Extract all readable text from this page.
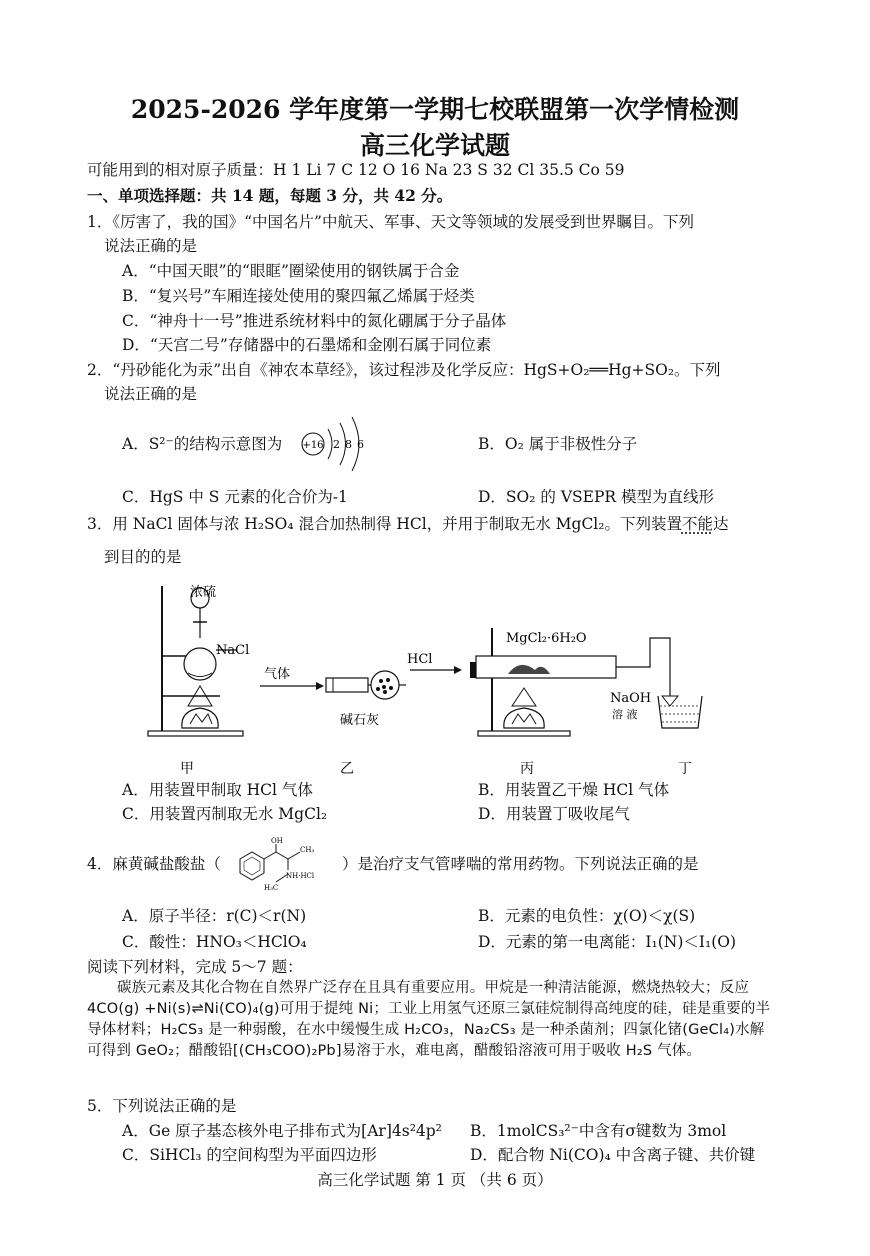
2025-2026 学年度第一学期七校联盟第一次学情检测
高三化学试题
可能用到的相对原子质量：H 1 Li 7 C 12 O 16 Na 23 S 32 Cl 35.5 Co 59
一、单项选择题：共 14 题，每题 3 分，共 42 分。
1．《厉害了，我的国》“中国名片”中航天、军事、天文等领域的发展受到世界瞩目。下列
说法正确的是
A．“中国天眼”的“眼眶”圈梁使用的钢铁属于合金
B．“复兴号”车厢连接处使用的聚四氟乙烯属于烃类
C．“神舟十一号”推进系统材料中的氮化硼属于分子晶体
D．“天宫二号”存储器中的石墨烯和金刚石属于同位素
2．“丹砂能化为汞”出自《神农本草经》，该过程涉及化学反应：HgS+O₂══Hg+SO₂。下列
说法正确的是
A．S²⁻的结构示意图为 +16 2 8 6	B．O₂ 属于非极性分子
C．HgS 中 S 元素的化合价为-1	D．SO₂ 的 VSEPR 模型为直线形
3．用 NaCl 固体与浓 H₂SO₄ 混合加热制得 HCl，并用于制取无水 MgCl₂。下列装置不能达
到目的的是
浓硫
NaCl
气体
碱石灰
HCl
MgCl₂·6H₂O
NaOH
溶 液
甲	乙	丙	丁
A．用装置甲制取 HCl 气体	B．用装置乙干燥 HCl 气体
C．用装置丙制取无水 MgCl₂	D．用装置丁吸收尾气
4．麻黄碱盐酸盐（
OH
CH₃
NH·HCl
H₃C
）是治疗支气管哮喘的常用药物。下列说法正确的是
A．原子半径：r(C)＜r(N)	B．元素的电负性：χ(O)＜χ(S)
C．酸性：HNO₃＜HClO₄	D．元素的第一电离能：I₁(N)＜I₁(O)
阅读下列材料，完成 5～7 题：
碳族元素及其化合物在自然界广泛存在且具有重要应用。甲烷是一种清洁能源，燃烧热较大；反应 4CO(g) +Ni(s)⇌Ni(CO)₄(g)可用于提纯 Ni；工业上用氢气还原三氯硅烷制得高纯度的硅，硅是重要的半导体材料；H₂CS₃ 是一种弱酸，在水中缓慢生成 H₂CO₃，Na₂CS₃ 是一种杀菌剂；四氯化锗(GeCl₄)水解可得到 GeO₂；醋酸铅[(CH₃COO)₂Pb]易溶于水，难电离，醋酸铅溶液可用于吸收 H₂S 气体。
5．下列说法正确的是
A．Ge 原子基态核外电子排布式为[Ar]4s²4p² B．1molCS₃²⁻中含有σ键数为 3mol
C．SiHCl₃ 的空间构型为平面四边形	D．配合物 Ni(CO)₄ 中含离子键、共价键
高三化学试题 第 1 页 （共 6 页）
